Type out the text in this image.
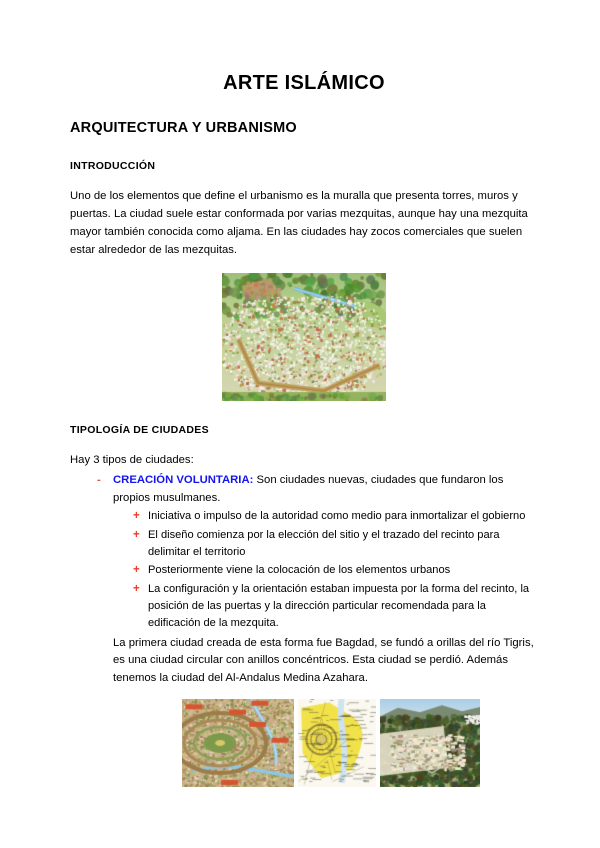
ARTE ISLÁMICO
ARQUITECTURA Y URBANISMO
INTRODUCCIÓN

Uno de los elementos que define el urbanismo es la muralla que presenta torres, muros y puertas. La ciudad suele estar conformada por varias mezquitas, aunque hay una mezquita mayor también conocida como aljama. En las ciudades hay zocos comerciales que suelen estar alrededor de las mezquitas.

TIPOLOGÍA DE CIUDADES

Hay 3 tipos de ciudades:

- CREACIÓN VOLUNTARIA: Son ciudades nuevas, ciudades que fundaron los propios musulmanes.
+ Iniciativa o impulso de la autoridad como medio para inmortalizar el gobierno
+ El diseño comienza por la elección del sitio y el trazado del recinto para delimitar el territorio
+ Posteriormente viene la colocación de los elementos urbanos
+ La configuración y la orientación estaban impuesta por la forma del recinto, la posición de las puertas y la dirección particular recomendada para la edificación de la mezquita.

La primera ciudad creada de esta forma fue Bagdad, se fundó a orillas del río Tigris, es una ciudad circular con anillos concéntricos. Esta ciudad se perdió. Además tenemos la ciudad del Al-Andalus Medina Azahara.
